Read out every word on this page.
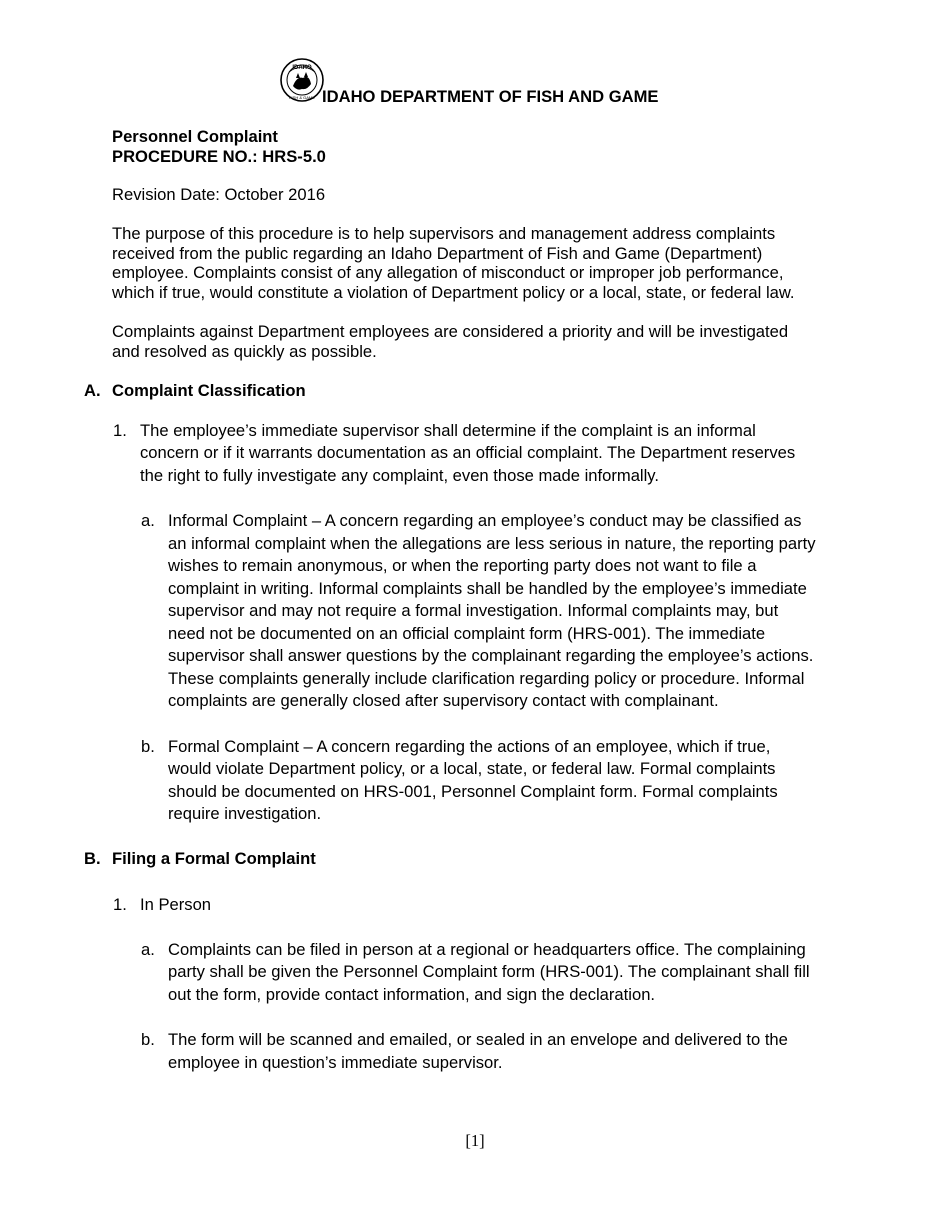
IDAHO
FISH & GAME IDAHO DEPARTMENT OF FISH AND GAME
Personnel Complaint
PROCEDURE NO.: HRS-5.0
Revision Date: October 2016
The purpose of this procedure is to help supervisors and management address complaints
received from the public regarding an Idaho Department of Fish and Game (Department)
employee. Complaints consist of any allegation of misconduct or improper job performance,
which if true, would constitute a violation of Department policy or a local, state, or federal law.
Complaints against Department employees are considered a priority and will be investigated
and resolved as quickly as possible.
A. Complaint Classification
1. The employee’s immediate supervisor shall determine if the complaint is an informal
concern or if it warrants documentation as an official complaint. The Department reserves
the right to fully investigate any complaint, even those made informally.
a. Informal Complaint – A concern regarding an employee’s conduct may be classified as
an informal complaint when the allegations are less serious in nature, the reporting party
wishes to remain anonymous, or when the reporting party does not want to file a
complaint in writing. Informal complaints shall be handled by the employee’s immediate
supervisor and may not require a formal investigation. Informal complaints may, but
need not be documented on an official complaint form (HRS-001). The immediate
supervisor shall answer questions by the complainant regarding the employee’s actions.
These complaints generally include clarification regarding policy or procedure. Informal
complaints are generally closed after supervisory contact with complainant.
b. Formal Complaint – A concern regarding the actions of an employee, which if true,
would violate Department policy, or a local, state, or federal law. Formal complaints
should be documented on HRS-001, Personnel Complaint form. Formal complaints
require investigation.
B. Filing a Formal Complaint
1. In Person
a. Complaints can be filed in person at a regional or headquarters office. The complaining
party shall be given the Personnel Complaint form (HRS-001). The complainant shall fill
out the form, provide contact information, and sign the declaration.
b. The form will be scanned and emailed, or sealed in an envelope and delivered to the
employee in question’s immediate supervisor.
[1]
